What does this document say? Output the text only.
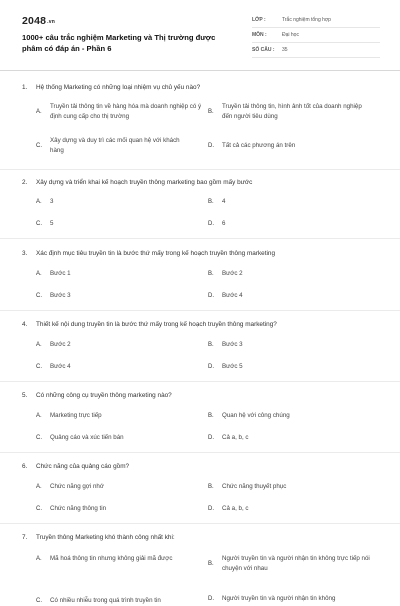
$2048^{.vn}$
1000+ câu trắc nghiệm Marketing và Thị trường được phâm có đáp án - Phần 6
LỚP :	Trắc nghiệm tổng hợp
MÔN :	Đại học
SỐ CÂU :	35
1.	Hệ thống Marketing có những loại nhiệm vụ chủ yếu nào?
A.
Truyền tải thông tin về hàng hóa mà doanh nghiệp có ý định cung cấp cho thị trường
B.
Truyền tải thông tin, hình ảnh tốt của doanh nghiệp đến người tiêu dùng
C.
Xây dựng và duy trì các mối quan hệ với khách hàng
D.	Tất cả các phương án trên
2.	Xây dựng và triển khai kế hoạch truyền thông marketing bao gồm mấy bước
A.	3	B.	4
C.	5	D.	6
3.	Xác định mục tiêu truyền tin là bước thứ mấy trong kế hoạch truyền thông marketing
A.	Bước 1	B.	Bước 2
C.	Bước 3	D.	Bước 4
4.	Thiết kế nội dung truyền tin là bước thứ mấy trong kế hoạch truyền thông marketing?
A.	Bước 2	B.	Bước 3
C.	Bước 4	D.	Bước 5
5.	Có những công cụ truyền thông marketing nào?
A.	Marketing trực tiếp	B.	Quan hệ với công chúng
C.	Quảng cáo và xúc tiến bán	D.	Cả a, b, c
6.	Chức năng của quảng cáo gồm?
A.	Chức năng gợi nhớ	B.	Chức năng thuyết phục
C.	Chức năng thông tin	D.	Cả a, b, c
7.	Truyền thông Marketing khó thành công nhất khi:
A.	Mã hoá thông tin nhưng không giải mã được
B.
Người truyền tin và người nhận tin không trực tiếp nói chuyện với nhau
C.	Có nhiều nhiễu trong quá trình truyền tin	D.	Người truyền tin và người nhận tin không
